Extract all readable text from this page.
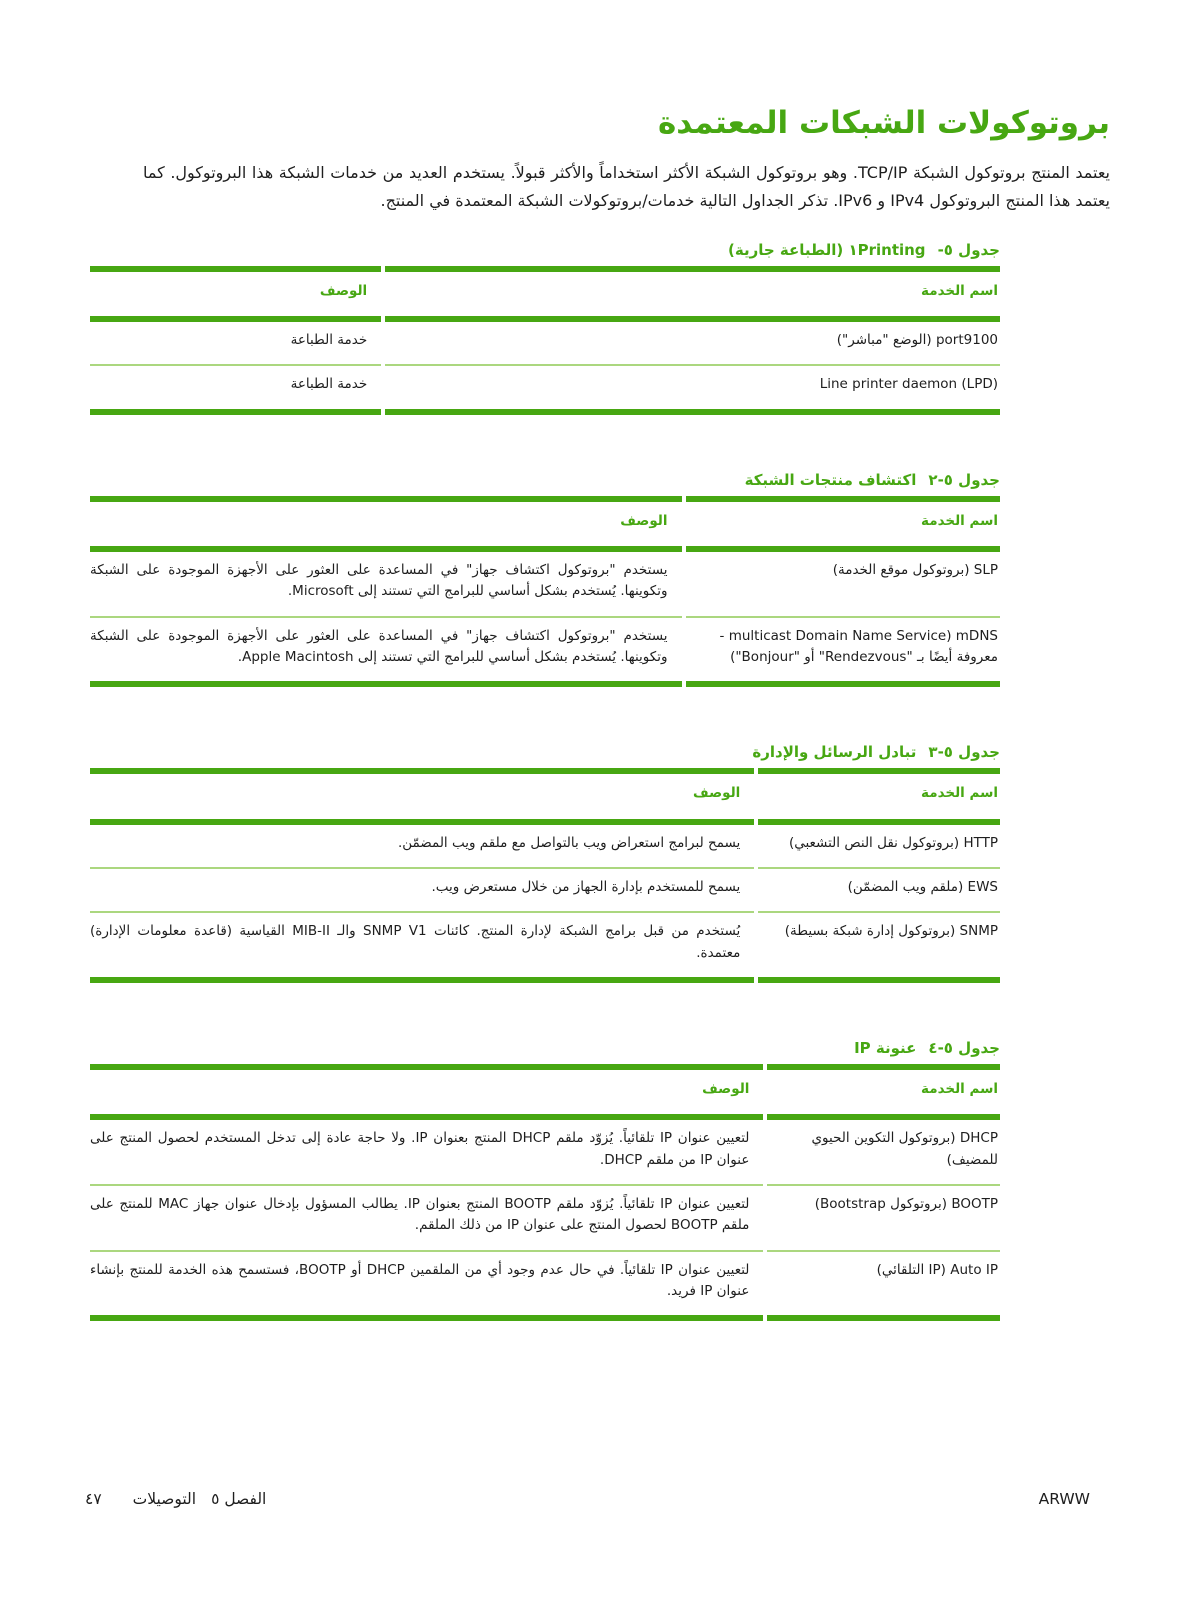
بروتوكولات الشبكات المعتمدة

يعتمد المنتج بروتوكول الشبكة TCP/IP. وهو بروتوكول الشبكة الأكثر استخداماً والأكثر قبولاً. يستخدم العديد من خدمات الشبكة هذا البروتوكول. كما يعتمد هذا المنتج البروتوكول IPv4 و IPv6. تذكر الجداول التالية خدمات/بروتوكولات الشبكة المعتمدة في المنتج.

جدول ٥-١Printing (الطباعة جارية)
اسم الخدمة
الوصف
port9100 (الوضع "مباشر")
خدمة الطباعة
Line printer daemon (LPD)
خدمة الطباعة
جدول ٥-٢اكتشاف منتجات الشبكة
اسم الخدمة
الوصف
SLP (بروتوكول موقع الخدمة)
يستخدم "بروتوكول اكتشاف جهاز" في المساعدة على العثور على الأجهزة الموجودة على الشبكة وتكوينها. يُستخدم بشكل أساسي للبرامج التي تستند إلى Microsoft.
mDNS (multicast Domain Name Service - معروفة أيضًا بـ "Rendezvous" أو "Bonjour")
يستخدم "بروتوكول اكتشاف جهاز" في المساعدة على العثور على الأجهزة الموجودة على الشبكة وتكوينها. يُستخدم بشكل أساسي للبرامج التي تستند إلى Apple Macintosh.
جدول ٥-٣تبادل الرسائل والإدارة
اسم الخدمة
الوصف
HTTP (بروتوكول نقل النص التشعبي)
يسمح لبرامج استعراض ويب بالتواصل مع ملقم ويب المضمّن.
EWS (ملقم ويب المضمّن)
يسمح للمستخدم بإدارة الجهاز من خلال مستعرض ويب.
SNMP (بروتوكول إدارة شبكة بسيطة)
يُستخدم من قبل برامج الشبكة لإدارة المنتج. كائنات SNMP V1 والـ MIB-II القياسية (قاعدة معلومات الإدارة) معتمدة.
جدول ٥-٤عنونة IP
اسم الخدمة
الوصف
DHCP (بروتوكول التكوين الحيوي للمضيف)
لتعيين عنوان IP تلقائياً. يُزوّد ملقم DHCP المنتج بعنوان IP. ولا حاجة عادة إلى تدخل المستخدم لحصول المنتج على عنوان IP من ملقم DHCP.
BOOTP (بروتوكول Bootstrap)
لتعيين عنوان IP تلقائياً. يُزوّد ملقم BOOTP المنتج بعنوان IP. يطالب المسؤول بإدخال عنوان جهاز MAC للمنتج على ملقم BOOTP لحصول المنتج على عنوان IP من ذلك الملقم.
Auto IP (IP التلقائي)
لتعيين عنوان IP تلقائياً. في حال عدم وجود أي من الملقمين DHCP أو BOOTP، فستسمح هذه الخدمة للمنتج بإنشاء عنوان IP فريد.
ARWW
الفصل ٥
التوصيلات
٤٧
